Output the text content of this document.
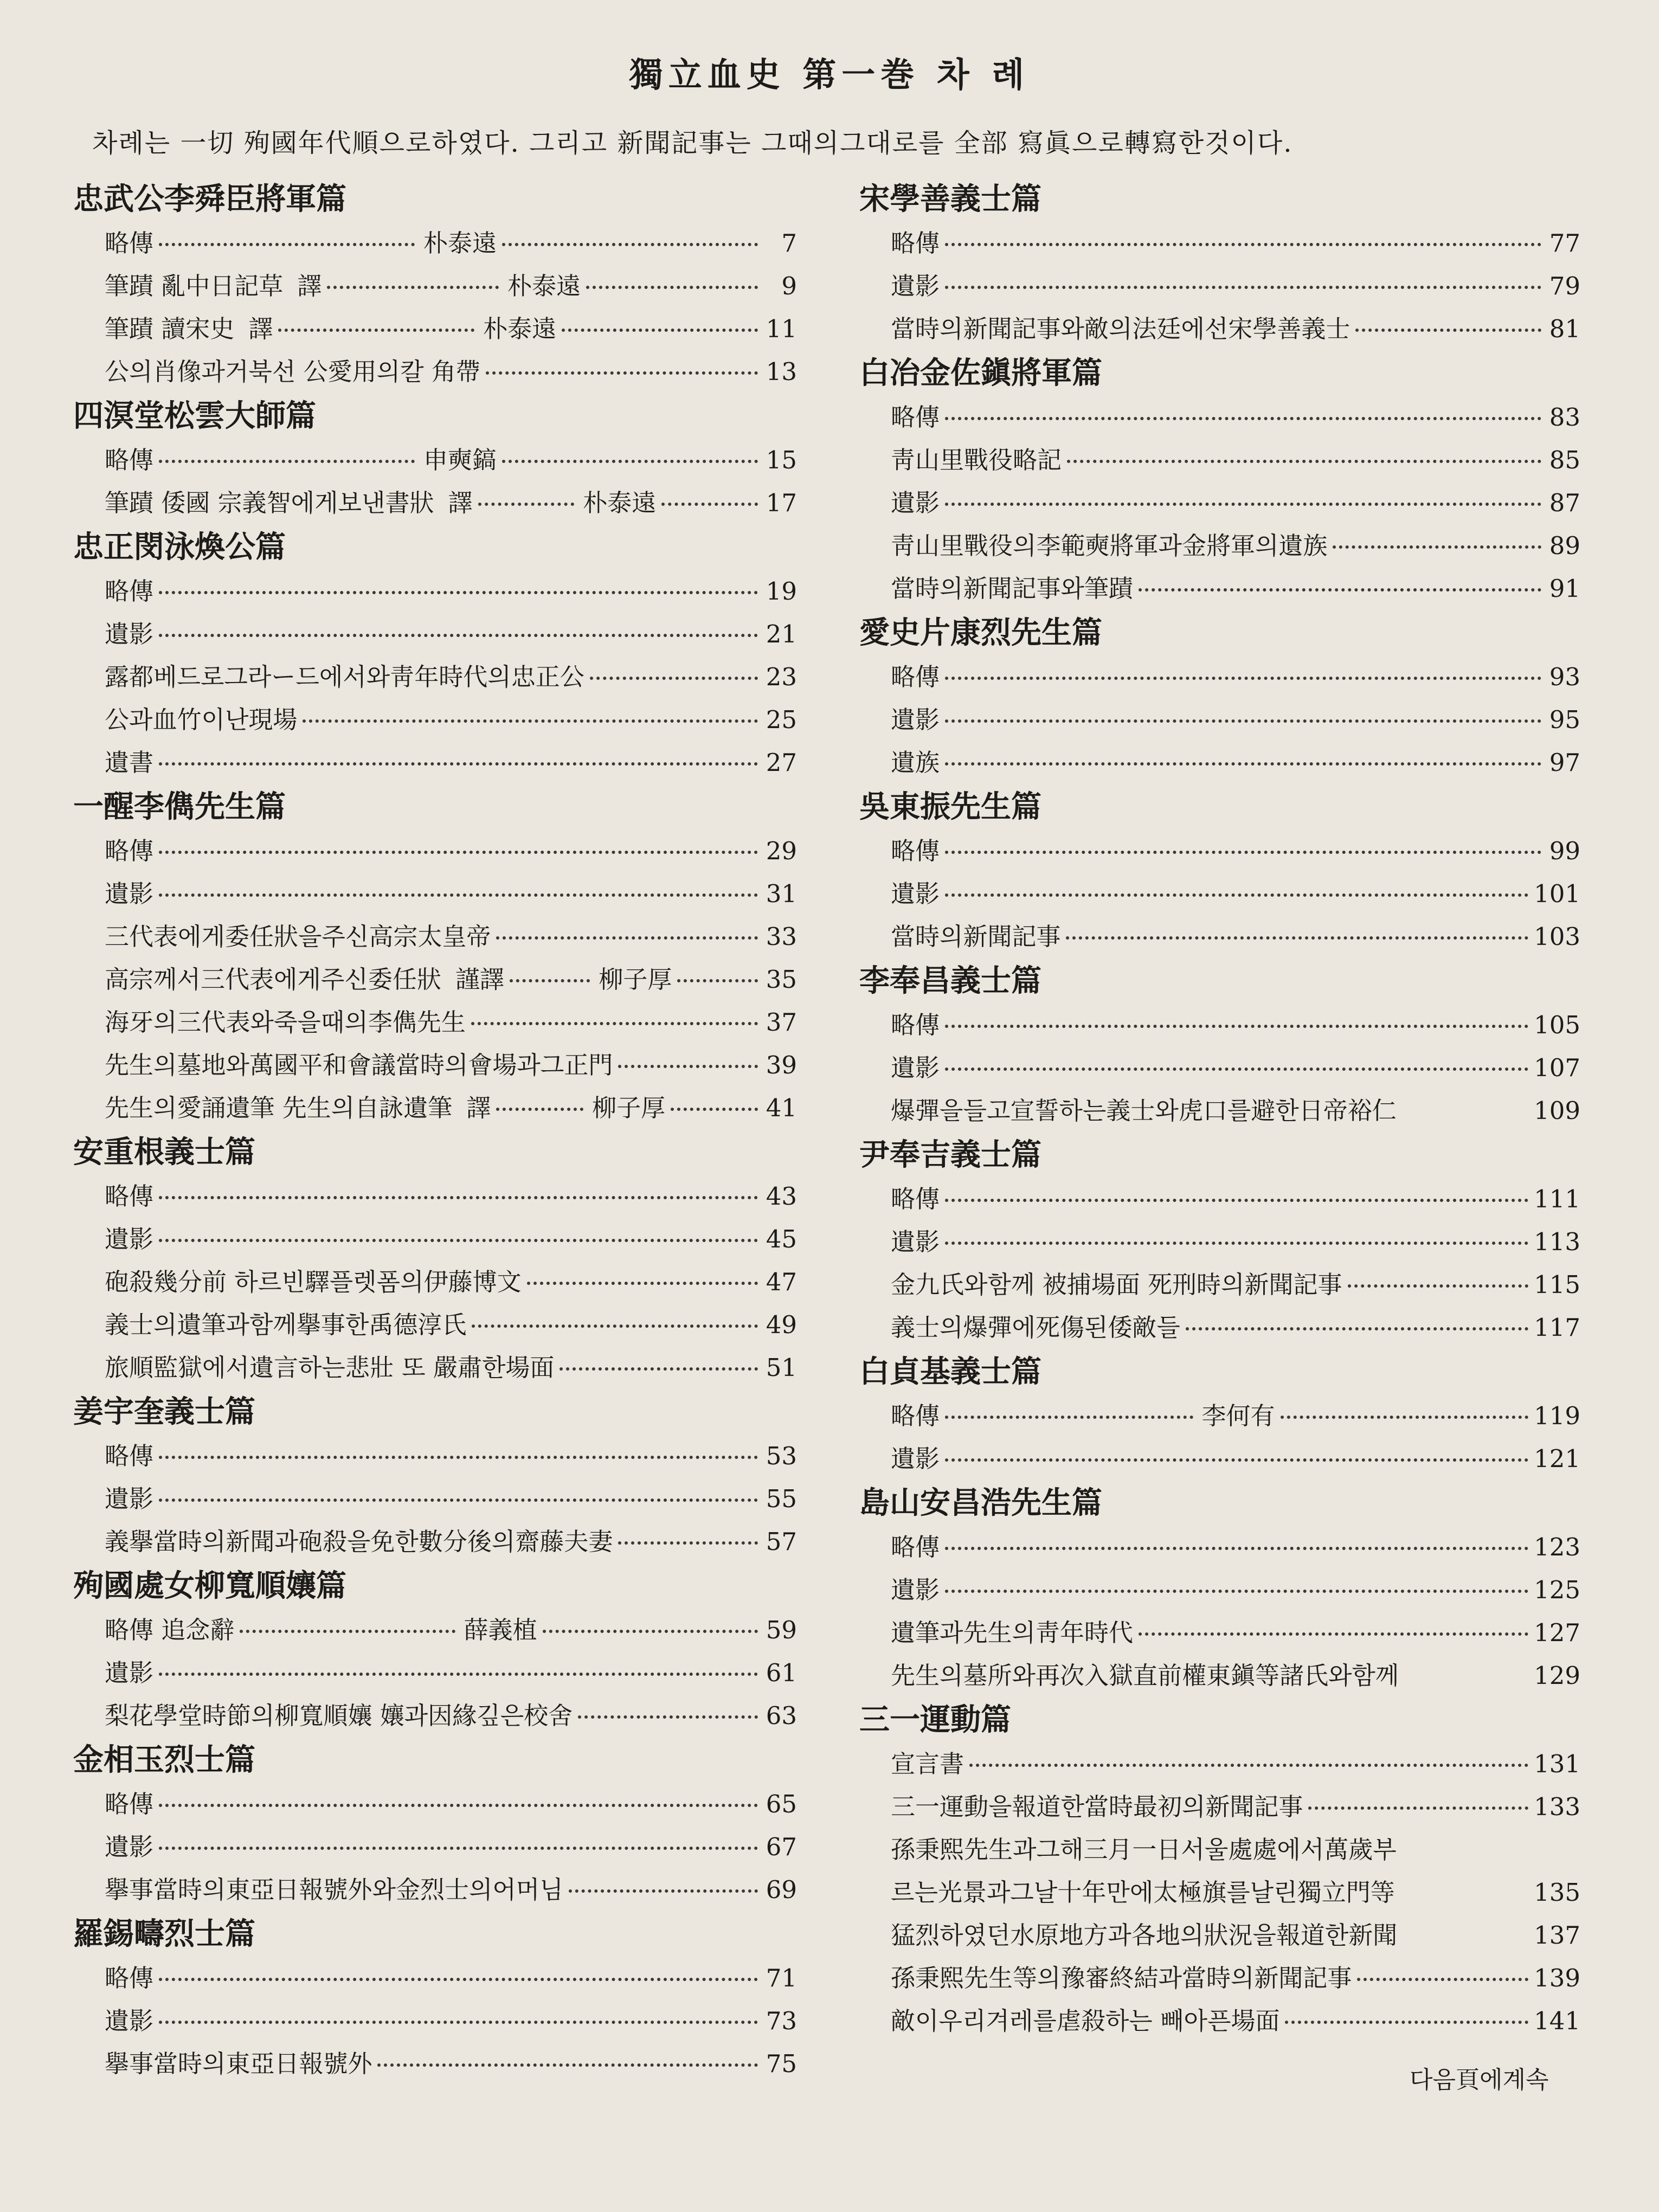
獨立血史 第一巻 차 례
차례는 一切 殉國年代順으로하였다. 그리고 新聞記事는 그때의그대로를 全部 寫眞으로轉寫한것이다.
忠武公李舜臣將軍篇
略傳	朴泰遠	7
筆蹟 亂中日記草 譯	朴泰遠	9
筆蹟 讀宋史 譯	朴泰遠	11
公의肖像과거북선 公愛用의칼 角帶	13
四溟堂松雲大師篇
略傳	申奭鎬	15
筆蹟 倭國 宗義智에게보낸書狀 譯	朴泰遠	17
忠正閔泳煥公篇
略傳	19
遺影	21
露都베드로그라ー드에서와靑年時代의忠正公	23
公과血竹이난現場	25
遺書	27
一醒李儁先生篇
略傳	29
遺影	31
三代表에게委任狀을주신高宗太皇帝	33
高宗께서三代表에게주신委任狀 謹譯	柳子厚	35
海牙의三代表와죽을때의李儁先生	37
先生의墓地와萬國平和會議當時의會場과그正門	39
先生의愛誦遺筆 先生의自詠遺筆 譯	柳子厚	41
安重根義士篇
略傳	43
遺影	45
砲殺幾分前 하르빈驛플렛폼의伊藤博文	47
義士의遺筆과함께擧事한禹德淳氏	49
旅順監獄에서遺言하는悲壯 또 嚴肅한場面	51
姜宇奎義士篇
略傳	53
遺影	55
義擧當時의新聞과砲殺을免한數分後의齋藤夫妻	57
殉國處女柳寬順孃篇
略傳 追念辭	薛義植	59
遺影	61
梨花學堂時節의柳寬順孃 孃과因緣깊은校舍	63
金相玉烈士篇
略傳	65
遺影	67
擧事當時의東亞日報號外와金烈士의어머님	69
羅錫疇烈士篇
略傳	71
遺影	73
擧事當時의東亞日報號外	75
宋學善義士篇
略傳	77
遺影	79
當時의新聞記事와敵의法廷에선宋學善義士	81
白冶金佐鎭將軍篇
略傳	83
靑山里戰役略記	85
遺影	87
靑山里戰役의李範奭將軍과金將軍의遺族	89
當時의新聞記事와筆蹟	91
愛史片康烈先生篇
略傳	93
遺影	95
遺族	97
吳東振先生篇
略傳	99
遺影	101
當時의新聞記事	103
李奉昌義士篇
略傳	105
遺影	107
爆彈을들고宣誓하는義士와虎口를避한日帝裕仁	109
尹奉吉義士篇
略傳	111
遺影	113
金九氏와함께 被捕場面 死刑時의新聞記事	115
義士의爆彈에死傷된倭敵들	117
白貞基義士篇
略傳	李何有	119
遺影	121
島山安昌浩先生篇
略傳	123
遺影	125
遺筆과先生의靑年時代	127
先生의墓所와再次入獄直前權東鎭等諸氏와함께	129
三一運動篇
宣言書	131
三一運動을報道한當時最初의新聞記事	133
孫秉熙先生과그해三月一日서울處處에서萬歲부
르는光景과그날十年만에太極旗를날린獨立門等	135
猛烈하였던水原地方과各地의狀況을報道한新聞	137
孫秉熙先生等의豫審終結과當時의新聞記事	139
敵이우리겨레를虐殺하는 빼아픈場面	141
다음頁에계속
